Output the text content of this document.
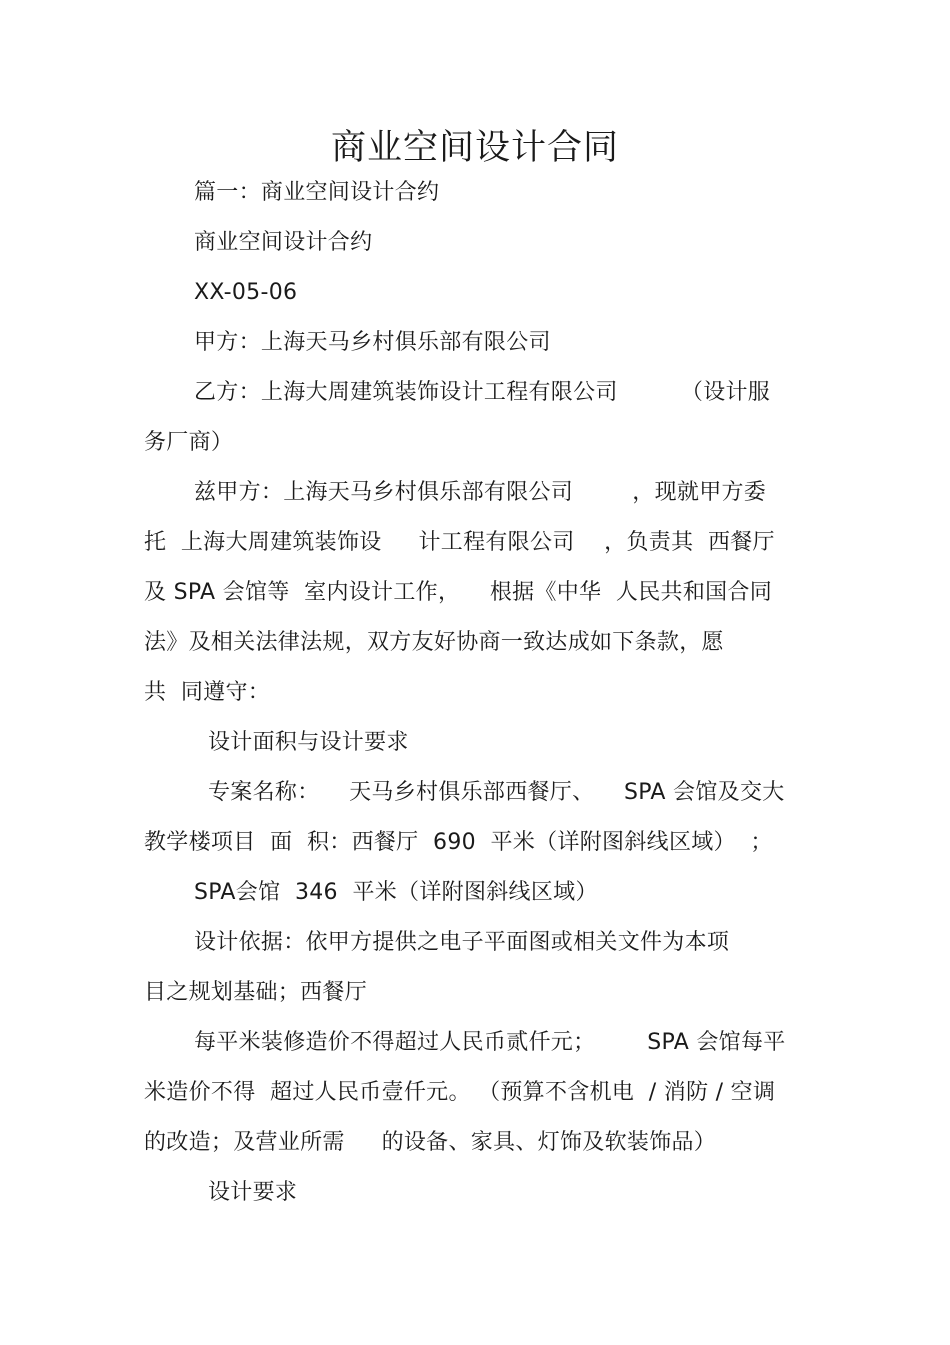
商业空间设计合同
篇一：商业空间设计合约
商业空间设计合约
XX-05-06
甲方：上海天马乡村俱乐部有限公司
乙方：上海大周建筑装饰设计工程有限公司 　　　（设计服
务厂商）
兹甲方：上海天马乡村俱乐部有限公司 　　 ，现就甲方委
托  上海大周建筑装饰设 　 计工程有限公司 　，负责其  西餐厅
及 SPA 会馆等  室内设计工作， 　根据《中华  人民共和国合同
法》及相关法律法规，双方友好协商一致达成如下条款，愿
共  同遵守：
设计面积与设计要求
专案名称： 　天马乡村俱乐部西餐厅、 　SPA 会馆及交大
教学楼项目  面  积：西餐厅  690  平米（详附图斜线区域）  ；
SPA会馆  346  平米（详附图斜线区域）
设计依据：依甲方提供之电子平面图或相关文件为本项
目之规划基础；西餐厅
每平米装修造价不得超过人民币贰仟元； 　　SPA 会馆每平
米造价不得  超过人民币壹仟元。 （预算不含机电  / 消防 / 空调
的改造；及营业所需 　 的设备、家具、灯饰及软装饰品）
设计要求
